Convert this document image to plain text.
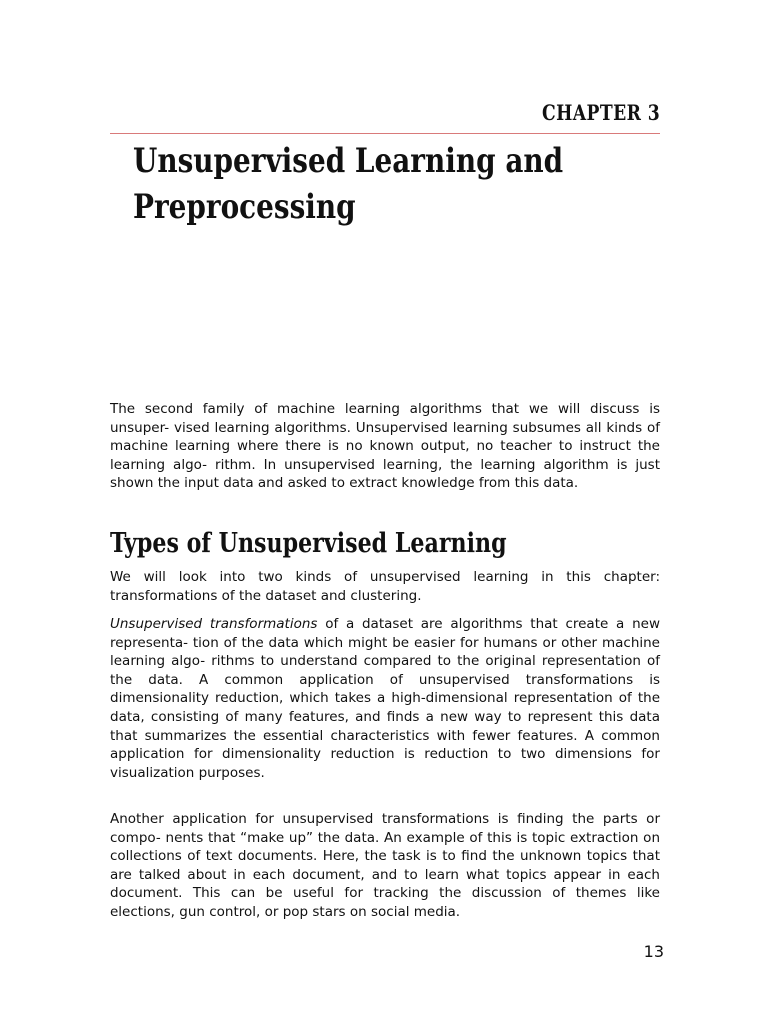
CHAPTER 3
Unsupervised Learning and
Preprocessing

The second family of machine learning algorithms that we will discuss is unsuper- vised learning algorithms. Unsupervised learning subsumes all kinds of machine learning where there is no known output, no teacher to instruct the learning algo- rithm. In unsupervised learning, the learning algorithm is just shown the input data and asked to extract knowledge from this data.

Types of Unsupervised Learning

We will look into two kinds of unsupervised learning in this chapter: transformations of the dataset and clustering.

Unsupervised transformations of a dataset are algorithms that create a new representa- tion of the data which might be easier for humans or other machine learning algo- rithms to understand compared to the original representation of the data. A common application of unsupervised transformations is dimensionality reduction, which takes a high-dimensional representation of the data, consisting of many features, and finds a new way to represent this data that summarizes the essential characteristics with fewer features. A common application for dimensionality reduction is reduction to two dimensions for visualization purposes.

Another application for unsupervised transformations is finding the parts or compo- nents that “make up” the data. An example of this is topic extraction on collections of text documents. Here, the task is to find the unknown topics that are talked about in each document, and to learn what topics appear in each document. This can be useful for tracking the discussion of themes like elections, gun control, or pop stars on social media.

13
